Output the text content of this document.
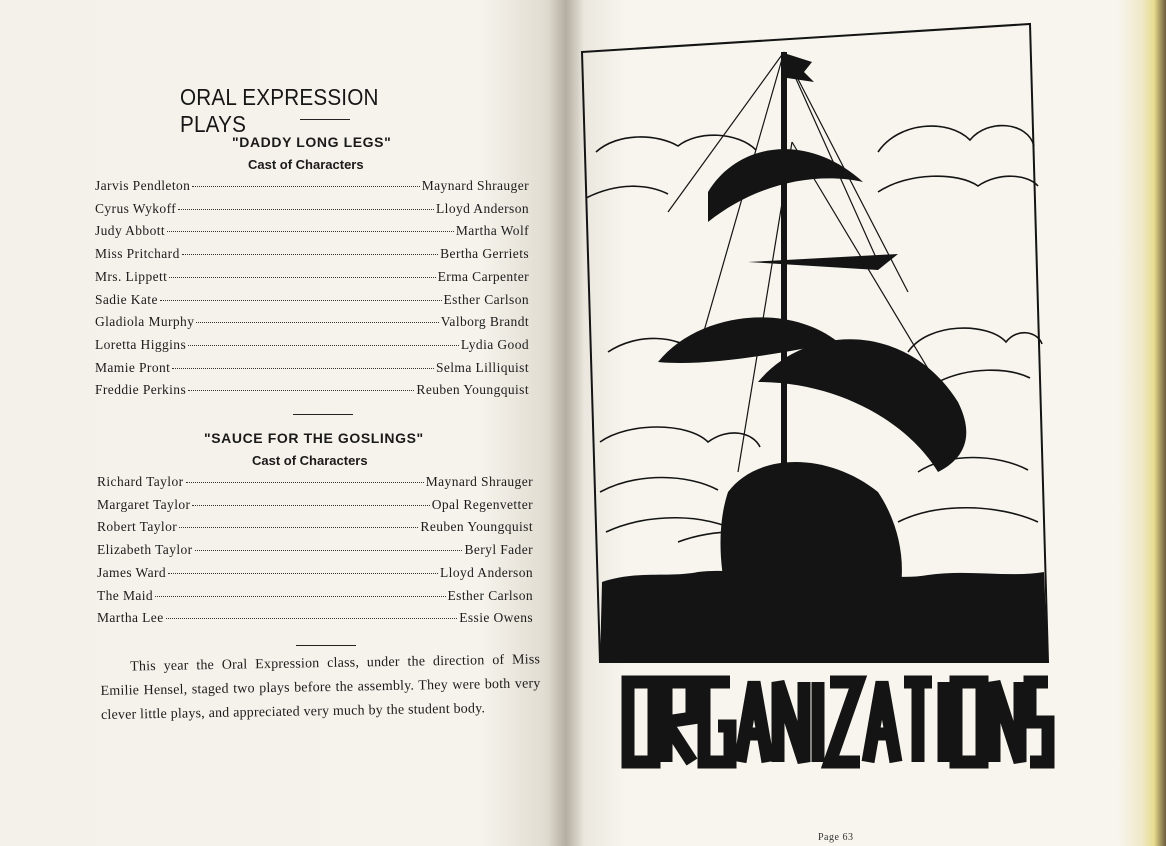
ORAL EXPRESSION PLAYS
"DADDY LONG LEGS"
Cast of Characters
Jarvis Pendleton	Maynard Shrauger
Cyrus Wykoff	Lloyd Anderson
Judy Abbott	Martha Wolf
Miss Pritchard	Bertha Gerriets
Mrs. Lippett	Erma Carpenter
Sadie Kate	Esther Carlson
Gladiola Murphy	Valborg Brandt
Loretta Higgins	Lydia Good
Mamie Pront	Selma Lilliquist
Freddie Perkins	Reuben Youngquist
"SAUCE FOR THE GOSLINGS"
Cast of Characters
Richard Taylor	Maynard Shrauger
Margaret Taylor	Opal Regenvetter
Robert Taylor	Reuben Youngquist
Elizabeth Taylor	Beryl Fader
James Ward	Lloyd Anderson
The Maid	Esther Carlson
Martha Lee	Essie Owens
This year the Oral Expression class, under the direction of Miss Emilie Hensel, staged two plays before the assembly. They were both very clever little plays, and appreciated very much by the student body.
Page 63
